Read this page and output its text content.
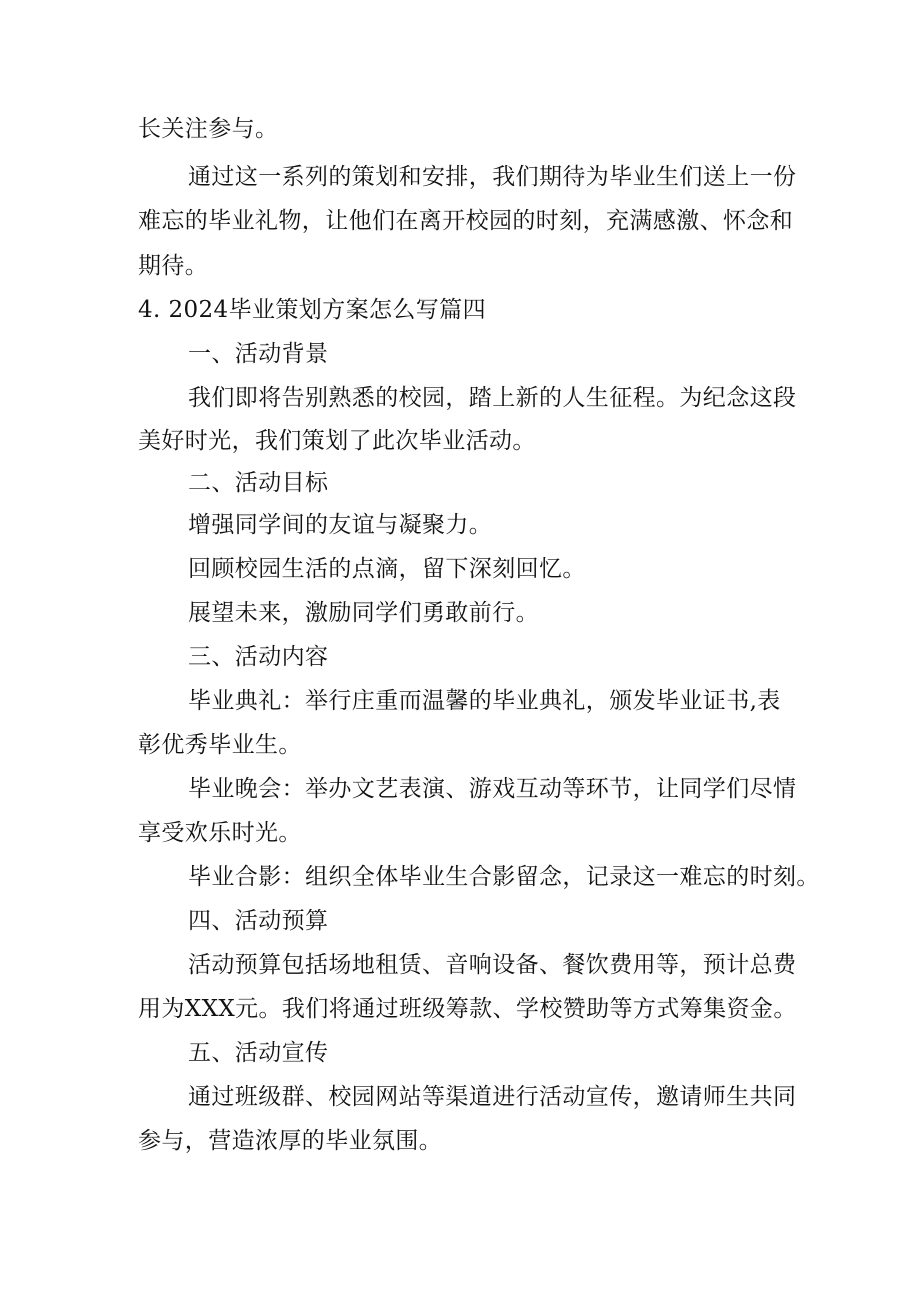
长关注参与。
通过这一系列的策划和安排，我们期待为毕业生们送上一份
难忘的毕业礼物，让他们在离开校园的时刻，充满感激、怀念和
期待。
4. 2024毕业策划方案怎么写篇四
一、活动背景
我们即将告别熟悉的校园，踏上新的人生征程。为纪念这段
美好时光，我们策划了此次毕业活动。
二、活动目标
增强同学间的友谊与凝聚力。
回顾校园生活的点滴，留下深刻回忆。
展望未来，激励同学们勇敢前行。
三、活动内容
毕业典礼：举行庄重而温馨的毕业典礼，颁发毕业证书,表
彰优秀毕业生。
毕业晚会：举办文艺表演、游戏互动等环节，让同学们尽情
享受欢乐时光。
毕业合影：组织全体毕业生合影留念，记录这一难忘的时刻。
四、活动预算
活动预算包括场地租赁、音响设备、餐饮费用等，预计总费
用为XXX元。我们将通过班级筹款、学校赞助等方式筹集资金。
五、活动宣传
通过班级群、校园网站等渠道进行活动宣传，邀请师生共同
参与，营造浓厚的毕业氛围。
